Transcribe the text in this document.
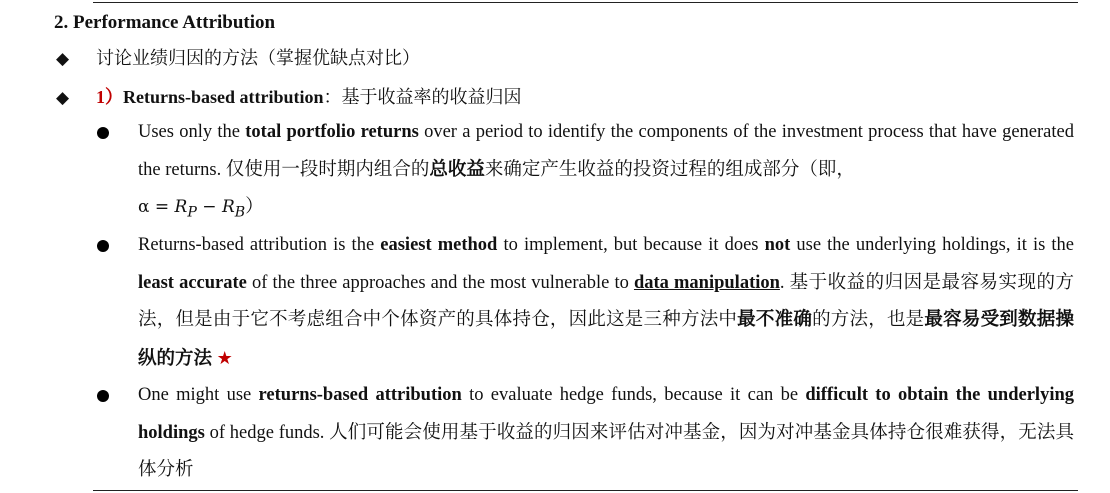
2. Performance Attribution
◆ 讨论业绩归因的方法（掌握优缺点对比）
◆ 1）Returns-based attribution：基于收益率的收益归因
Uses only the total portfolio returns over a period to identify the components of the investment process that have generated the returns. 仅使用一段时期内组合的总收益来确定产生收益的投资过程的组成部分（即，
$\alpha = R_P - R_B$）
Returns-based attribution is the easiest method to implement, but because it does not use the underlying holdings, it is the least accurate of the three approaches and the most vulnerable to data manipulation. 基于收益的归因是最容易实现的方法，但是由于它不考虑组合中个体资产的具体持仓，因此这是三种方法中最不准确的方法，也是最容易受到数据操纵的方法 ★
One might use returns-based attribution to evaluate hedge funds, because it can be difficult to obtain the underlying holdings of hedge funds. 人们可能会使用基于收益的归因来评估对冲基金，因为对冲基金具体持仓很难获得，无法具体分析
